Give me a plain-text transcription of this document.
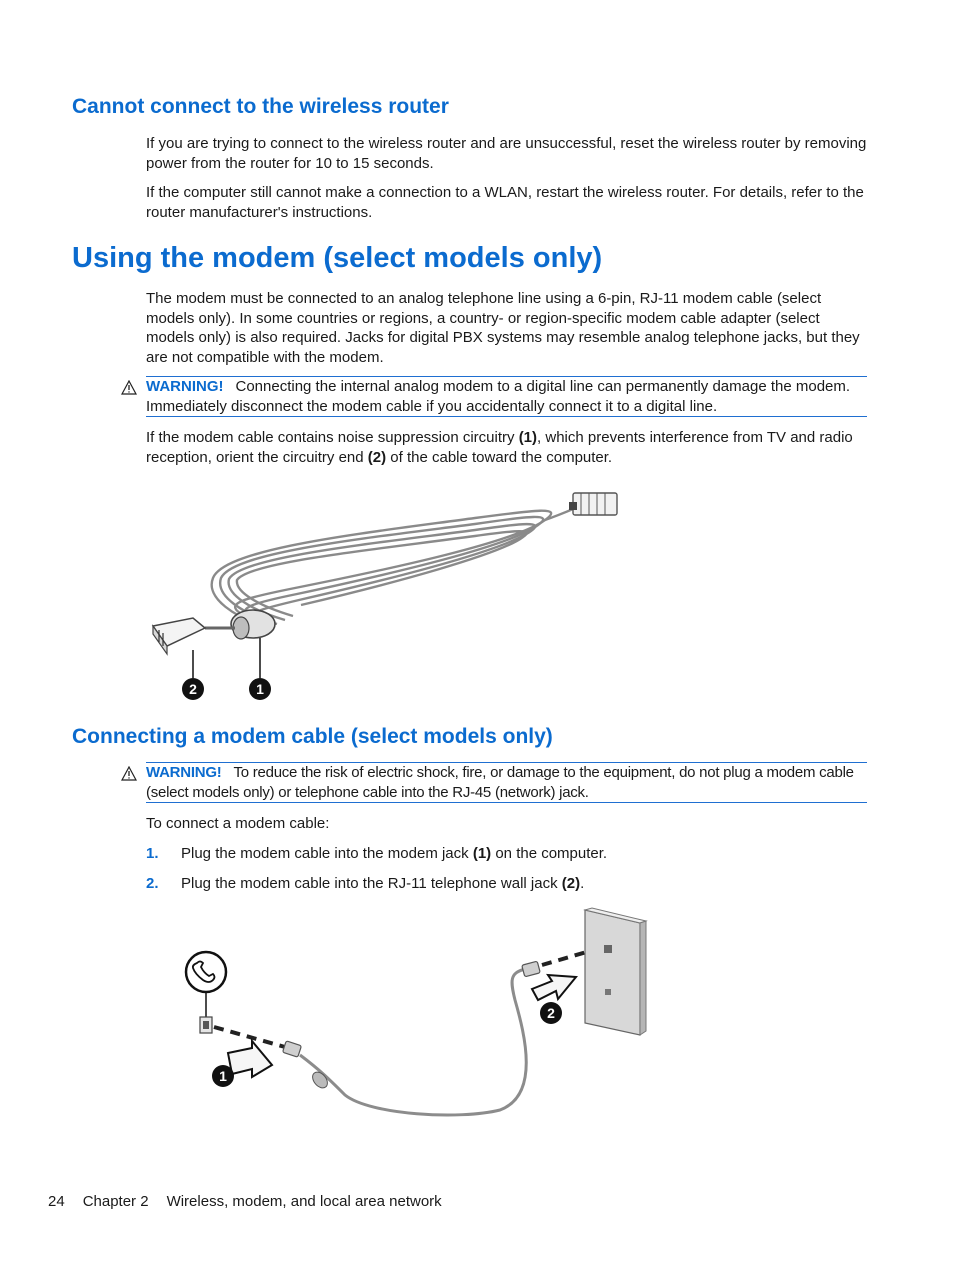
Cannot connect to the wireless router
If you are trying to connect to the wireless router and are unsuccessful, reset the wireless router by removing power from the router for 10 to 15 seconds.
If the computer still cannot make a connection to a WLAN, restart the wireless router. For details, refer to the router manufacturer's instructions.
Using the modem (select models only)
The modem must be connected to an analog telephone line using a 6-pin, RJ-11 modem cable (select models only). In some countries or regions, a country- or region-specific modem cable adapter (select models only) is also required. Jacks for digital PBX systems may resemble analog telephone jacks, but they are not compatible with the modem.
WARNING! Connecting the internal analog modem to a digital line can permanently damage the modem. Immediately disconnect the modem cable if you accidentally connect it to a digital line.
If the modem cable contains noise suppression circuitry (1), which prevents interference from TV and radio reception, orient the circuitry end (2) of the cable toward the computer.
2	1
Connecting a modem cable (select models only)
WARNING! To reduce the risk of electric shock, fire, or damage to the equipment, do not plug a modem cable (select models only) or telephone cable into the RJ-45 (network) jack.
To connect a modem cable:
1. Plug the modem cable into the modem jack (1) on the computer.
2. Plug the modem cable into the RJ-11 telephone wall jack (2).
1
2
24 Chapter 2 Wireless, modem, and local area network
